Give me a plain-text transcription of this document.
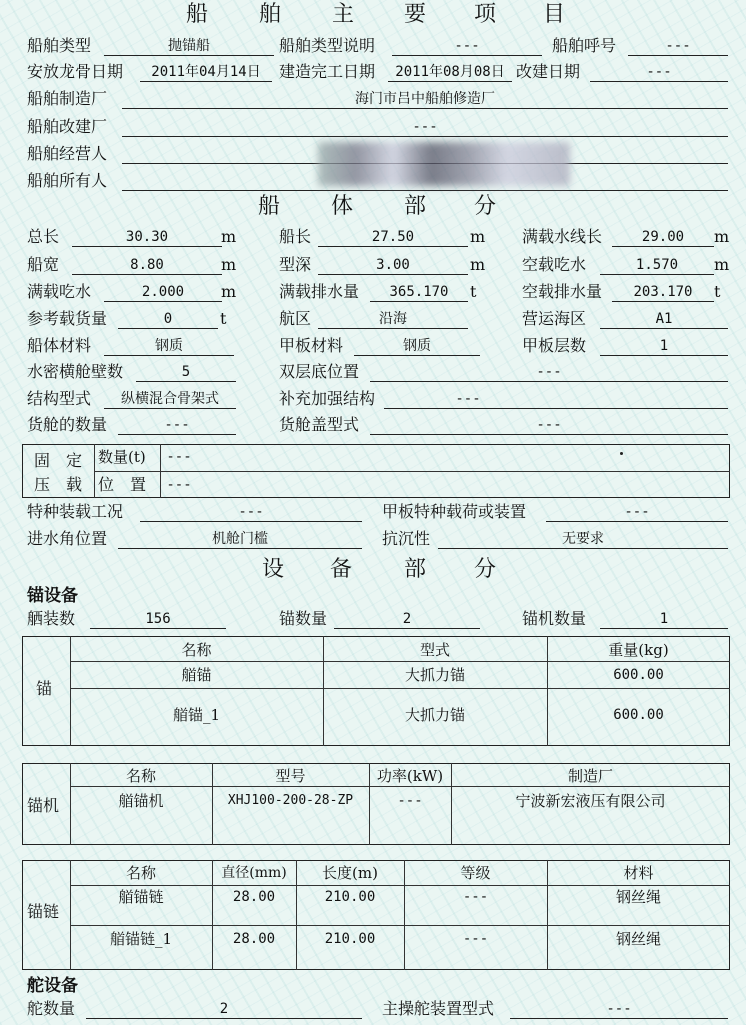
船 舶 主 要 项 目
船舶类型	抛锚船	船舶类型说明	---	船舶呼号	---
安放龙骨日期	2011年04月14日	建造完工日期	2011年08月08日 改建日期	---
船舶制造厂	海门市吕中船舶修造厂
船舶改建厂	---
船舶经营人
船舶所有人
船 体 部 分
总长	30.30	m	船长	27.50	m 满载水线长	29.00	m
船宽	8.80	m	型深	3.00	m 空载吃水	1.570	m
满载吃水	2.000	m	满载排水量	365.170	t	空载排水量	203.170	t
参考载货量	0	t	航区	沿海	营运海区	A1
船体材料	钢质	甲板材料	钢质	甲板层数	1
水密横舱壁数	5	双层底位置	---
结构型式	纵横混合骨架式	补充加强结构	---
货舱的数量	---	货舱盖型式	---
固　定
压　载
数量(t) ---
位　置 ---
特种装载工况	---	甲板特种载荷或装置	---
进水角位置	机舱门槛	抗沉性	无要求
设 备 部 分
锚设备
舾装数	156	锚数量	2	锚机数量	1
锚
名称	型式	重量(kg)
艏锚	大抓力锚	600.00
艏锚_1	大抓力锚	600.00
锚机
名称	型号	功率(kW)	制造厂
艏锚机	XHJ100-200-28-ZP	---	宁波新宏液压有限公司
锚链
名称	直径(mm)	长度(m)	等级	材料
艏锚链	28.00	210.00	---	钢丝绳
艏锚链_1	28.00	210.00	---	钢丝绳
舵设备
舵数量	2	主操舵装置型式	---
